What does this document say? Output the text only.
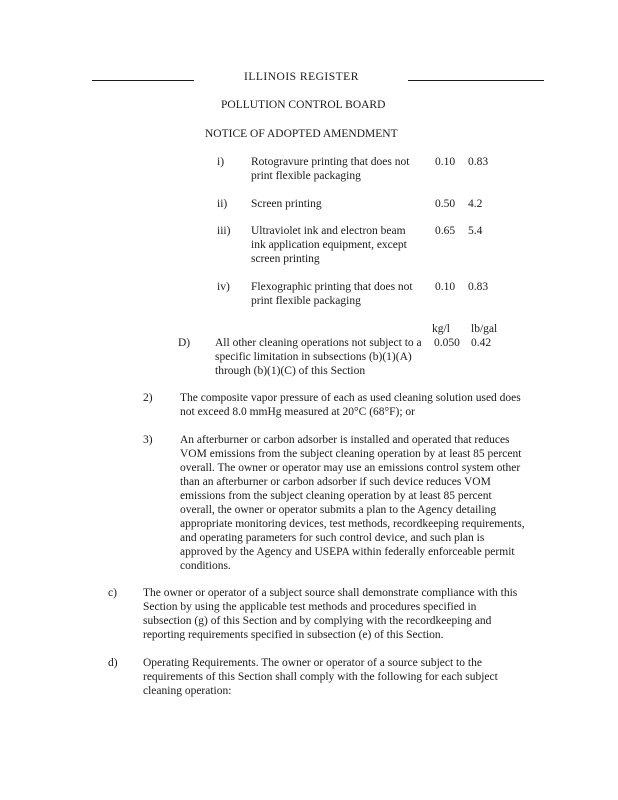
ILLINOIS REGISTER
POLLUTION CONTROL BOARD
NOTICE OF ADOPTED AMENDMENT
i) Rotogravure printing that does not
print flexible packaging
0.10 0.83
ii) Screen printing	0.50 4.2
iii) Ultraviolet ink and electron beam
ink application equipment, except
screen printing
0.65 5.4
iv) Flexographic printing that does not
print flexible packaging
0.10 0.83
kg/l lb/gal
D) All other cleaning operations not subject to a
specific limitation in subsections (b)(1)(A)
through (b)(1)(C) of this Section
0.050 0.42
2) The composite vapor pressure of each as used cleaning solution used does
not exceed 8.0 mmHg measured at 20°C (68°F); or
3) An afterburner or carbon adsorber is installed and operated that reduces
VOM emissions from the subject cleaning operation by at least 85 percent
overall. The owner or operator may use an emissions control system other
than an afterburner or carbon adsorber if such device reduces VOM
emissions from the subject cleaning operation by at least 85 percent
overall, the owner or operator submits a plan to the Agency detailing
appropriate monitoring devices, test methods, recordkeeping requirements,
and operating parameters for such control device, and such plan is
approved by the Agency and USEPA within federally enforceable permit
conditions.
c) The owner or operator of a subject source shall demonstrate compliance with this
Section by using the applicable test methods and procedures specified in
subsection (g) of this Section and by complying with the recordkeeping and
reporting requirements specified in subsection (e) of this Section.
d) Operating Requirements. The owner or operator of a source subject to the
requirements of this Section shall comply with the following for each subject
cleaning operation:
